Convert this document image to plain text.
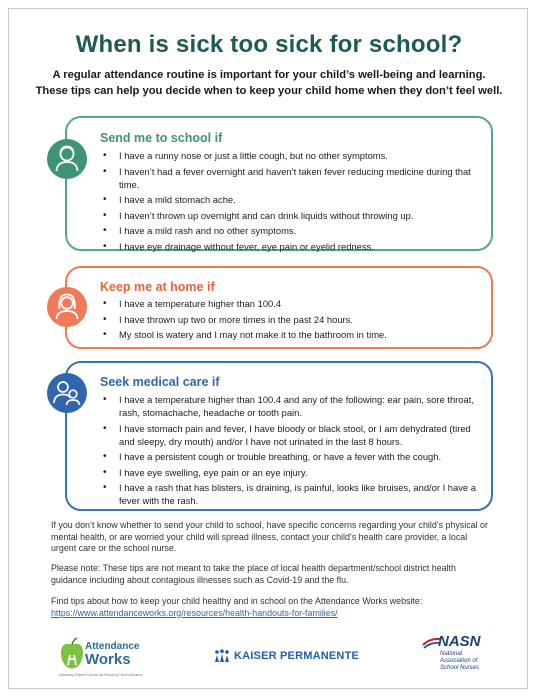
When is sick too sick for school?
A regular attendance routine is important for your child’s well-being and learning.
These tips can help you decide when to keep your child home when they don’t feel well.
Send me to school if
• I have a runny nose or just a little cough, but no other symptoms.
• I haven’t had a fever overnight and haven’t taken fever reducing medicine during that time.
• I have a mild stomach ache.
• I haven’t thrown up overnight and can drink liquids without throwing up.
• I have a mild rash and no other symptoms.
• I have eye drainage without fever, eye pain or eyelid redness.
Keep me at home if
• I have a temperature higher than 100.4
• I have thrown up two or more times in the past 24 hours.
• My stool is watery and I may not make it to the bathroom in time.
Seek medical care if
• I have a temperature higher than 100.4 and any of the following: ear pain, sore throat, rash, stomachache, headache or tooth pain.
• I have stomach pain and fever, I have bloody or black stool, or I am dehydrated (tired and sleepy, dry mouth) and/or I have not urinated in the last 8 hours.
• I have a persistent cough or trouble breathing, or have a fever with the cough.
• I have eye swelling, eye pain or an eye injury.
• I have a rash that has blisters, is draining, is painful, looks like bruises, and/or I have a fever with the rash.
If you don’t know whether to send your child to school, have specific concerns regarding your child’s physical or mental health, or are worried your child will spread illness, contact your child’s health care provider, a local urgent care or the school nurse.
Please note: These tips are not meant to take the place of local health department/school district health guidance including about contagious illnesses such as Covid-19 and the flu.
Find tips about how to keep your child healthy and in school on the Attendance Works website:
https://www.attendanceworks.org/resources/health-handouts-for-families/
Attendance
Works
Advancing Student Success By Reducing Chronic Absence
KAISER PERMANENTE
NASN
National
Association of
School Nurses
